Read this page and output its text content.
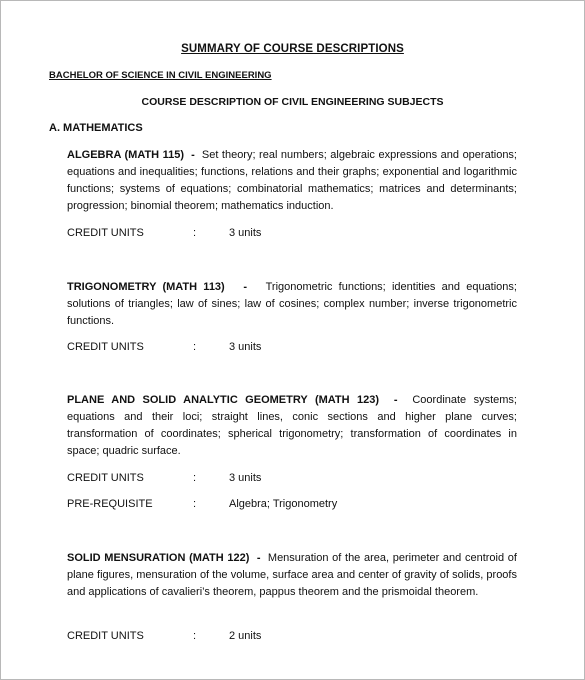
SUMMARY OF COURSE DESCRIPTIONS
BACHELOR OF SCIENCE IN CIVIL ENGINEERING
COURSE DESCRIPTION OF CIVIL ENGINEERING SUBJECTS
A. MATHEMATICS
ALGEBRA (MATH 115) - Set theory; real numbers; algebraic expressions and operations; equations and inequalities; functions, relations and their graphs; exponential and logarithmic functions; systems of equations; combinatorial mathematics; matrices and determinants; progression; binomial theorem; mathematics induction.
CREDIT UNITS	:	3 units
TRIGONOMETRY (MATH 113) - Trigonometric functions; identities and equations; solutions of triangles; law of sines; law of cosines; complex number; inverse trigonometric functions.
CREDIT UNITS	:	3 units
PLANE AND SOLID ANALYTIC GEOMETRY (MATH 123) - Coordinate systems; equations and their loci; straight lines, conic sections and higher plane curves; transformation of coordinates; spherical trigonometry; transformation of coordinates in space; quadric surface.
CREDIT UNITS	:	3 units
PRE-REQUISITE	:	Algebra; Trigonometry
SOLID MENSURATION (MATH 122) - Mensuration of the area, perimeter and centroid of plane figures, mensuration of the volume, surface area and center of gravity of solids, proofs and applications of cavalieri’s theorem, pappus theorem and the prismoidal theorem.
CREDIT UNITS	:	2 units
